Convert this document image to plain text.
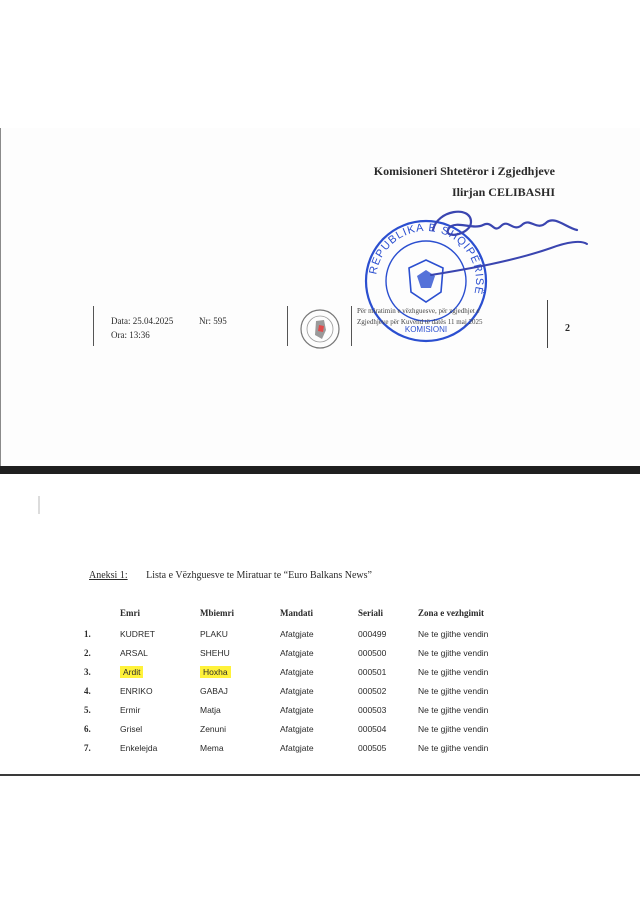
Komisioneri Shtetëror i Zgjedhjeve
Ilirjan CELIBASHI
REPUBLIKA E SHQIPËRISË
KOMISIONI
Data: 25.04.2025	Nr: 595
Ora: 13:36
Për miratimin e vëzhguesve, për zgjedhjet e
Zgjedhjeve për Kuvend të datës 11 maj 2025
2
Aneksi 1: Lista e Vëzhguesve te Miratuar te “Euro Balkans News”
	Emri	Mbiemri	Mandati	Seriali	Zona e vezhgimit
1.	KUDRET	PLAKU	Afatgjate	000499	Ne te gjithe vendin
2.	ARSAL	SHEHU	Afatgjate	000500	Ne te gjithe vendin
3.	Ardit	Hoxha	Afatgjate	000501	Ne te gjithe vendin
4.	ENRIKO	GABAJ	Afatgjate	000502	Ne te gjithe vendin
5.	Ermir	Matja	Afatgjate	000503	Ne te gjithe vendin
6.	Grisel	Zenuni	Afatgjate	000504	Ne te gjithe vendin
7.	Enkelejda	Mema	Afatgjate	000505	Ne te gjithe vendin
